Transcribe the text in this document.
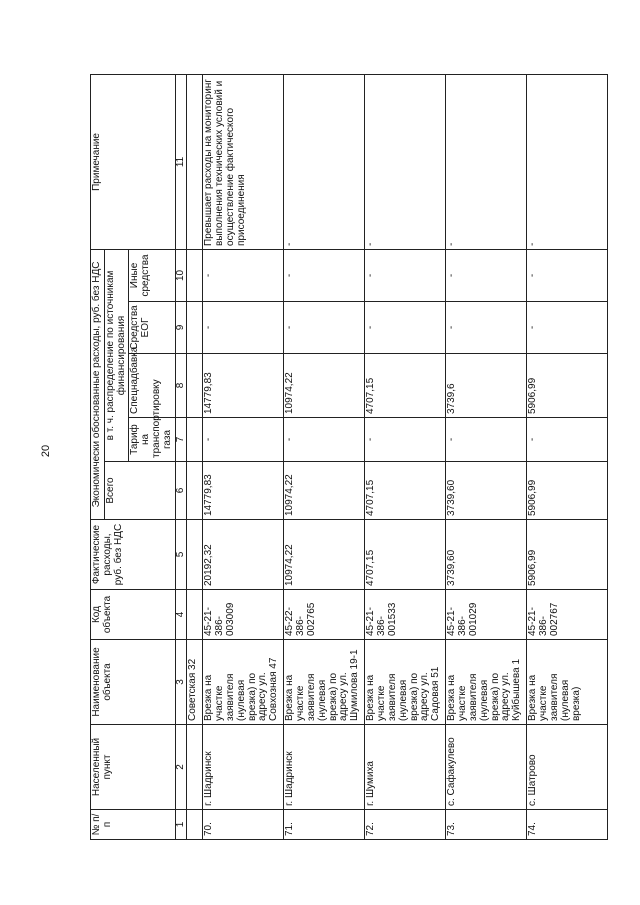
20
№ п/п	Населенный пункт	Наименование объекта	Код объекта	Фактические расходы, руб. без НДС	Экономически обоснованные расходы, руб. без НДС					Примечание
					Всего	в т. ч. распределение по источникам финансирования				
						Тариф на транспортировку газа	Спецнадбавка	Средства ЕОГ	Иные средства	
1	2	3	4	5	6	7	8	9	10	11
		Советская 32								
70.	г. Шадринск	Врезка на участке заявителя (нулевая врезка) по адресу ул. Совхозная 47	45-21-386-003009	20192,32	14779,83	-	14779,83	-	-	Превышает расходы на мониторинг выполнения технических условий и осуществление фактического присоединения
71.	г. Шадринск	Врезка на участке заявителя (нулевая врезка) по адресу ул. Шумилова 19-1	45-22-386-002765	10974,22	10974,22	-	10974,22	-	-	-
72.	г. Шумиха	Врезка на участке заявителя (нулевая врезка) по адресу ул. Садовая 51	45-21-386-001533	4707,15	4707,15	-	4707,15	-	-	-
73.	с. Сафакулево	Врезка на участке заявителя (нулевая врезка) по адресу ул. Куйбышева 1	45-21-386-001029	3739,60	3739,60	-	3739,6	-	-	-
74.	с. Шатрово	Врезка на участке заявителя (нулевая врезка)	45-21-386-002767	5906,99	5906,99	-	5906,99	-	-	-
